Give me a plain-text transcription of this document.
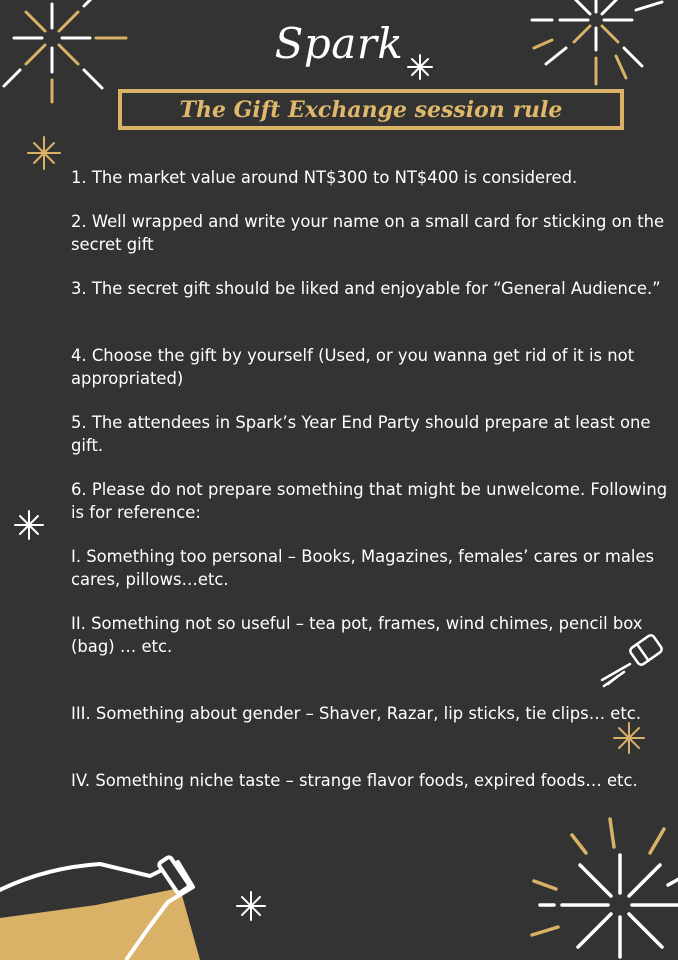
Spark
The Gift Exchange session rule

1. The market value around NT$300 to NT$400 is considered.

2. Well wrapped and write your name on a small card for sticking on the secret gift

3. The secret gift should be liked and enjoyable for “General Audience.”

4. Choose the gift by yourself (Used, or you wanna get rid of it is not appropriated)

5. The attendees in Spark’s Year End Party should prepare at least one gift.

6. Please do not prepare something that might be unwelcome. Following is for reference:

I. Something too personal – Books, Magazines, females’ cares or males cares, pillows…etc.

II. Something not so useful – tea pot, frames, wind chimes, pencil box (bag) … etc.

III. Something about gender – Shaver, Razar, lip sticks, tie clips… etc.

IV. Something niche taste – strange flavor foods, expired foods… etc.
